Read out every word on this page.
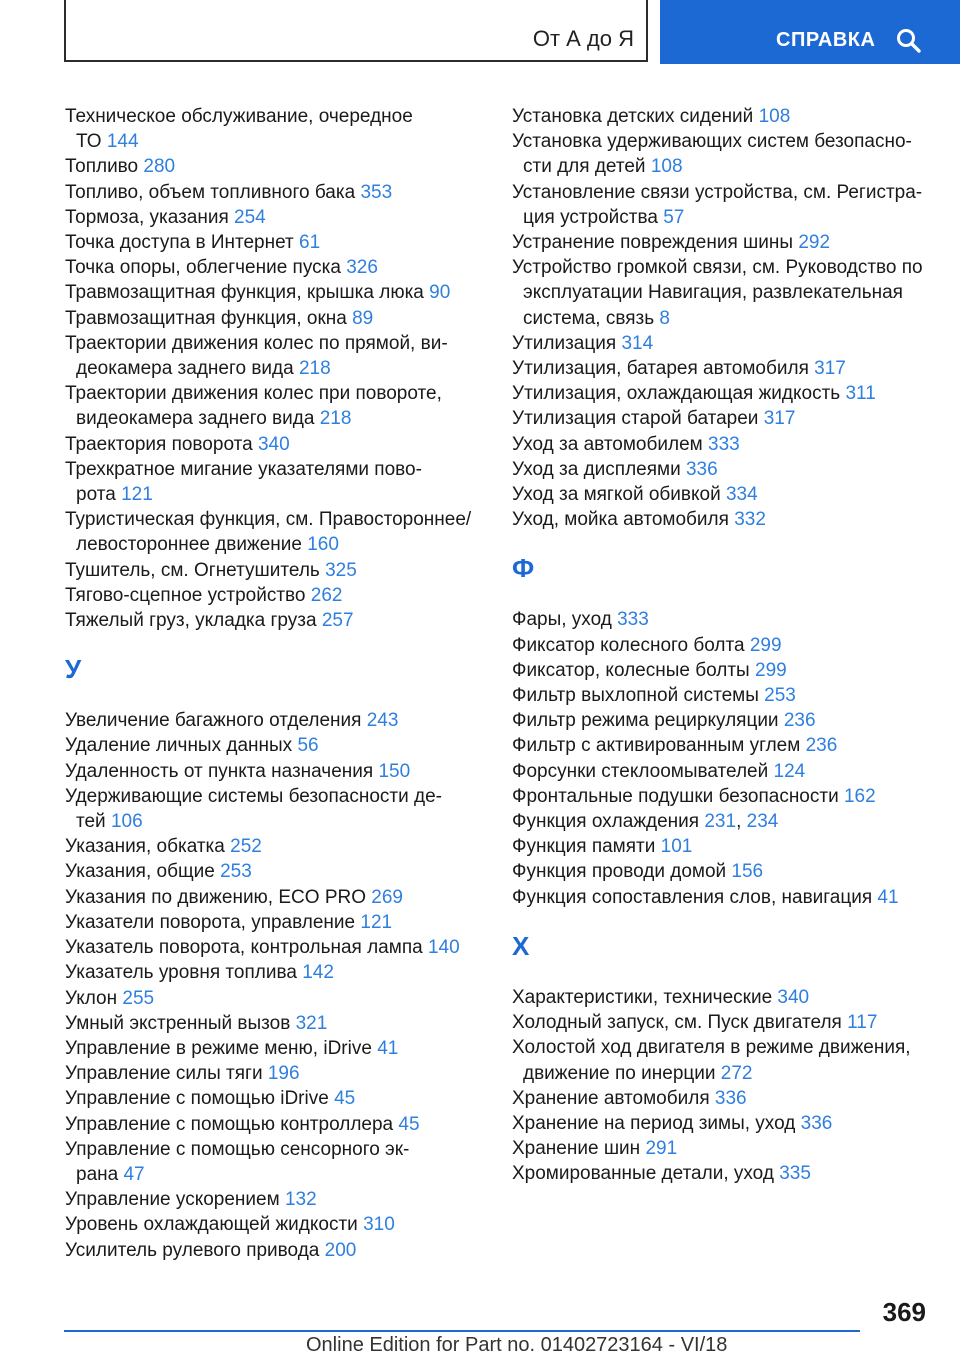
От А до Я	СПРАВКА
Техническое обслуживание, очередное
ТО 144
Топливо 280
Топливо, объем топливного бака 353
Тормоза, указания 254
Точка доступа в Интернет 61
Точка опоры, облегчение пуска 326
Травмозащитная функция, крышка люка 90
Травмозащитная функция, окна 89
Траектории движения колес по прямой, ви-
деокамера заднего вида 218
Траектории движения колес при повороте,
видеокамера заднего вида 218
Траектория поворота 340
Трехкратное мигание указателями пово-
рота 121
Туристическая функция, см. Правостороннее/
левостороннее движение 160
Тушитель, см. Огнетушитель 325
Тягово-сцепное устройство 262
Тяжелый груз, укладка груза 257
У
Увеличение багажного отделения 243
Удаление личных данных 56
Удаленность от пункта назначения 150
Удерживающие системы безопасности де-
тей 106
Указания, обкатка 252
Указания, общие 253
Указания по движению, ECO PRO 269
Указатели поворота, управление 121
Указатель поворота, контрольная лампа 140
Указатель уровня топлива 142
Уклон 255
Умный экстренный вызов 321
Управление в режиме меню, iDrive 41
Управление силы тяги 196
Управление с помощью iDrive 45
Управление с помощью контроллера 45
Управление с помощью сенсорного эк-
рана 47
Управление ускорением 132
Уровень охлаждающей жидкости 310
Усилитель рулевого привода 200
Установка детских сидений 108
Установка удерживающих систем безопасно-
сти для детей 108
Установление связи устройства, см. Регистра-
ция устройства 57
Устранение повреждения шины 292
Устройство громкой связи, см. Руководство по
эксплуатации Навигация, развлекательная
система, связь 8
Утилизация 314
Утилизация, батарея автомобиля 317
Утилизация, охлаждающая жидкость 311
Утилизация старой батареи 317
Уход за автомобилем 333
Уход за дисплеями 336
Уход за мягкой обивкой 334
Уход, мойка автомобиля 332
Ф
Фары, уход 333
Фиксатор колесного болта 299
Фиксатор, колесные болты 299
Фильтр выхлопной системы 253
Фильтр режима рециркуляции 236
Фильтр с активированным углем 236
Форсунки стеклоомывателей 124
Фронтальные подушки безопасности 162
Функция охлаждения 231, 234
Функция памяти 101
Функция проводи домой 156
Функция сопоставления слов, навигация 41
Х
Характеристики, технические 340
Холодный запуск, см. Пуск двигателя 117
Холостой ход двигателя в режиме движения,
движение по инерции 272
Хранение автомобиля 336
Хранение на период зимы, уход 336
Хранение шин 291
Хромированные детали, уход 335
369
Online Edition for Part no. 01402723164 - VI/18
